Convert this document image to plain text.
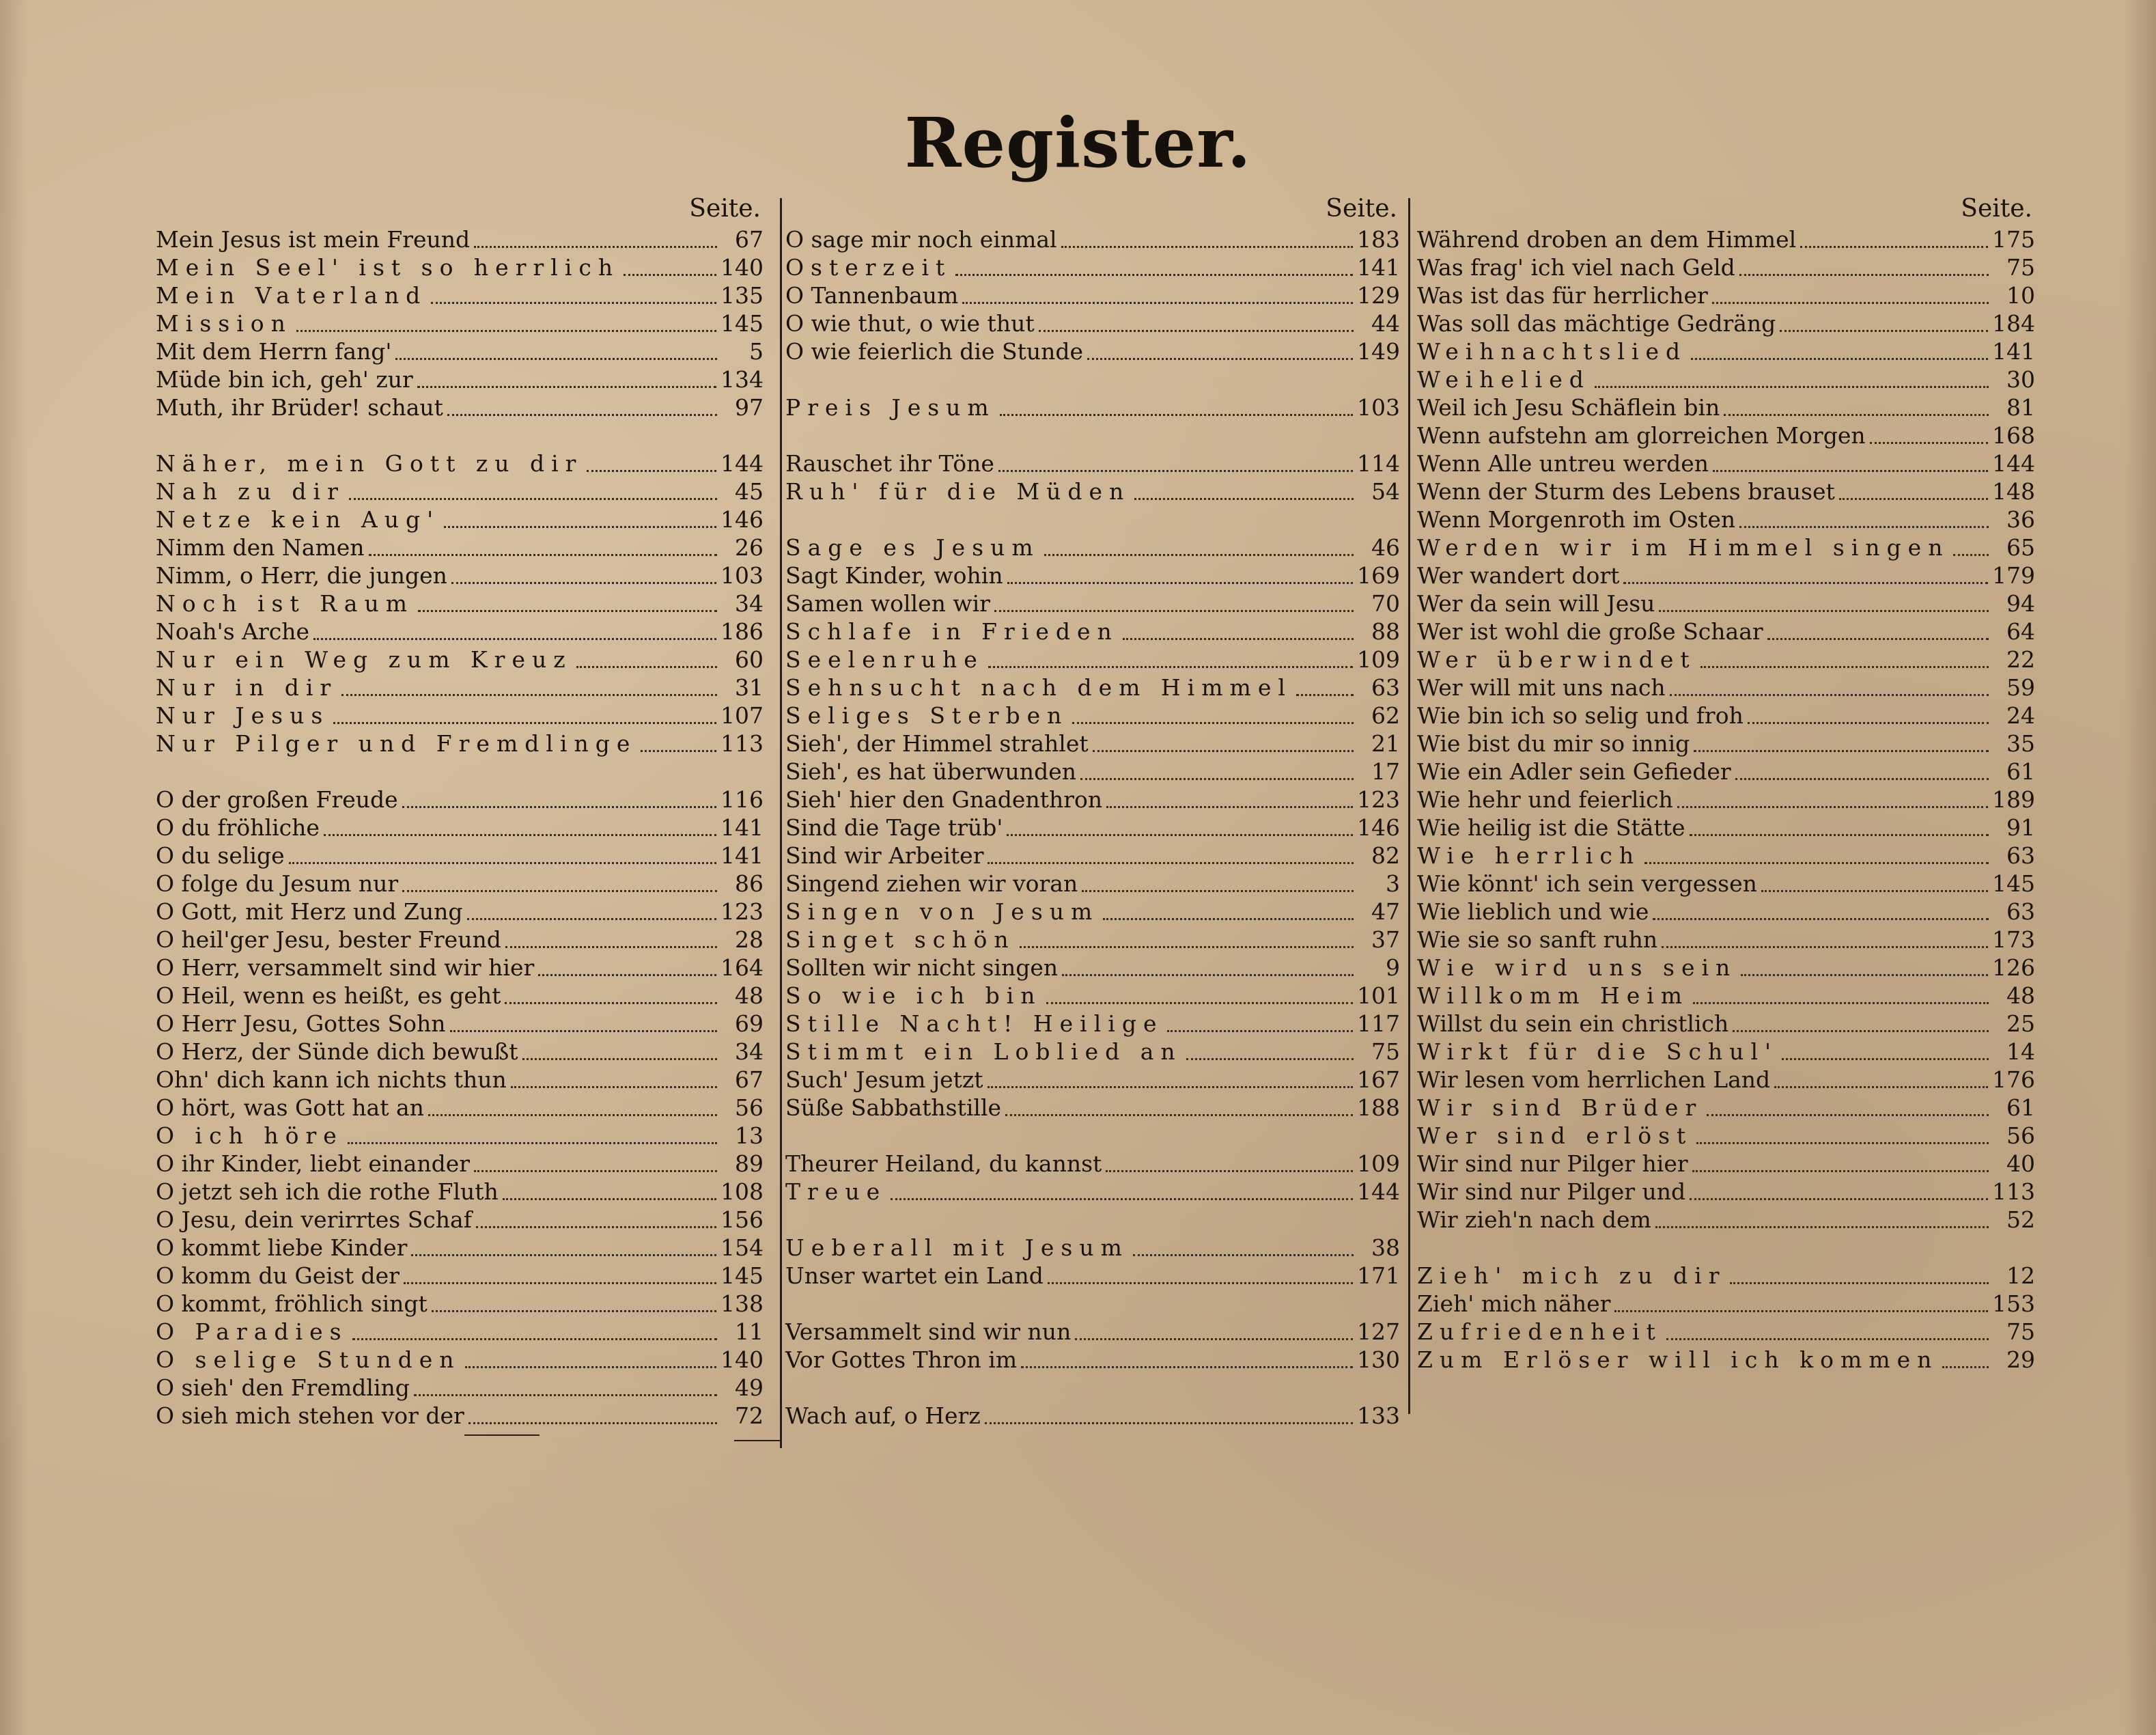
Register.
Seite.
Mein Jesus ist mein Freund	67
Mein Seel' ist so herrlich	140
Mein Vaterland	135
Mission	145
Mit dem Herrn fang'	5
Müde bin ich, geh' zur	134
Muth, ihr Brüder! schaut	97
Näher, mein Gott zu dir	144
Nah zu dir	45
Netze kein Aug'	146
Nimm den Namen	26
Nimm, o Herr, die jungen	103
Noch ist Raum	34
Noah's Arche	186
Nur ein Weg zum Kreuz	60
Nur in dir	31
Nur Jesus	107
Nur Pilger und Fremdlinge	113
O der großen Freude	116
O du fröhliche	141
O du selige	141
O folge du Jesum nur	86
O Gott, mit Herz und Zung	123
O heil'ger Jesu, bester Freund	28
O Herr, versammelt sind wir hier	164
O Heil, wenn es heißt, es geht	48
O Herr Jesu, Gottes Sohn	69
O Herz, der Sünde dich bewußt	34
Ohn' dich kann ich nichts thun	67
O hört, was Gott hat an	56
O ich höre	13
O ihr Kinder, liebt einander	89
O jetzt seh ich die rothe Fluth	108
O Jesu, dein verirrtes Schaf	156
O kommt liebe Kinder	154
O komm du Geist der	145
O kommt, fröhlich singt	138
O Paradies	11
O selige Stunden	140
O sieh' den Fremdling	49
O sieh mich stehen vor der	72
Seite.
O sage mir noch einmal	183
Osterzeit	141
O Tannenbaum	129
O wie thut, o wie thut	44
O wie feierlich die Stunde	149
Preis Jesum	103
Rauschet ihr Töne	114
Ruh' für die Müden	54
Sage es Jesum	46
Sagt Kinder, wohin	169
Samen wollen wir	70
Schlafe in Frieden	88
Seelenruhe	109
Sehnsucht nach dem Himmel	63
Seliges Sterben	62
Sieh', der Himmel strahlet	21
Sieh', es hat überwunden	17
Sieh' hier den Gnadenthron	123
Sind die Tage trüb'	146
Sind wir Arbeiter	82
Singend ziehen wir voran	3
Singen von Jesum	47
Singet schön	37
Sollten wir nicht singen	9
So wie ich bin	101
Stille Nacht! Heilige	117
Stimmt ein Loblied an	75
Such' Jesum jetzt	167
Süße Sabbathstille	188
Theurer Heiland, du kannst	109
Treue	144
Ueberall mit Jesum	38
Unser wartet ein Land	171
Versammelt sind wir nun	127
Vor Gottes Thron im	130
Wach auf, o Herz	133
Seite.
Während droben an dem Himmel	175
Was frag' ich viel nach Geld	75
Was ist das für herrlicher	10
Was soll das mächtige Gedräng	184
Weihnachtslied	141
Weihelied	30
Weil ich Jesu Schäflein bin	81
Wenn aufstehn am glorreichen Morgen	168
Wenn Alle untreu werden	144
Wenn der Sturm des Lebens brauset	148
Wenn Morgenroth im Osten	36
Werden wir im Himmel singen	65
Wer wandert dort	179
Wer da sein will Jesu	94
Wer ist wohl die große Schaar	64
Wer überwindet	22
Wer will mit uns nach	59
Wie bin ich so selig und froh	24
Wie bist du mir so innig	35
Wie ein Adler sein Gefieder	61
Wie hehr und feierlich	189
Wie heilig ist die Stätte	91
Wie herrlich	63
Wie könnt' ich sein vergessen	145
Wie lieblich und wie	63
Wie sie so sanft ruhn	173
Wie wird uns sein	126
Willkomm Heim	48
Willst du sein ein christlich	25
Wirkt für die Schul'	14
Wir lesen vom herrlichen Land	176
Wir sind Brüder	61
Wer sind erlöst	56
Wir sind nur Pilger hier	40
Wir sind nur Pilger und	113
Wir zieh'n nach dem	52
Zieh' mich zu dir	12
Zieh' mich näher	153
Zufriedenheit	75
Zum Erlöser will ich kommen	29
